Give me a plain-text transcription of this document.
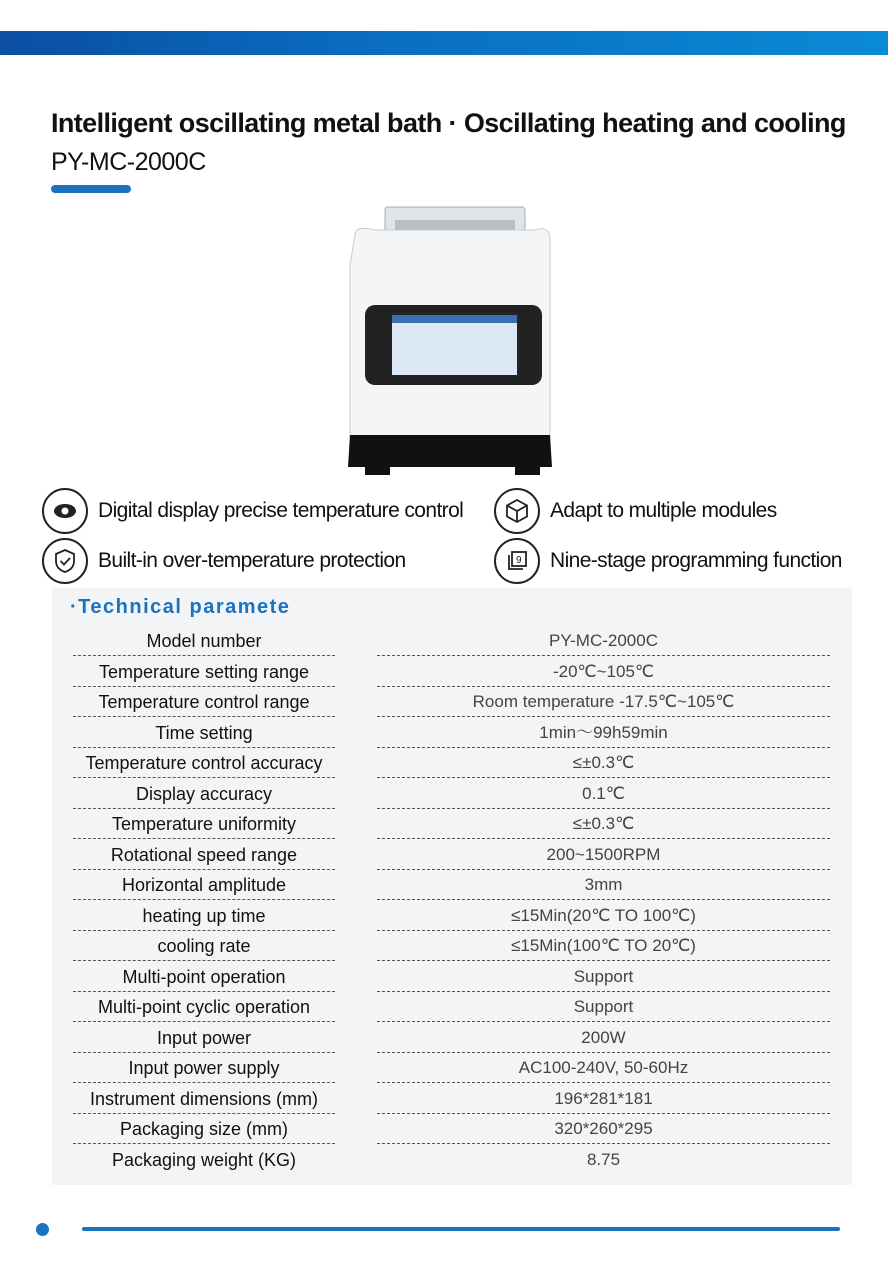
Intelligent oscillating metal bath · Oscillating heating and cooling
PY-MC-2000C
Digital display precise temperature control	Adapt to multiple modules
Built-in over-temperature protection	9 Nine-stage programming function
·Technical paramete
Model number	PY-MC-2000C
Temperature setting range	-20℃~105℃
Temperature control range	Room temperature -17.5℃~105℃
Time setting	1min～99h59min
Temperature control accuracy	≤±0.3℃
Display accuracy	0.1℃
Temperature uniformity	≤±0.3℃
Rotational speed range	200~1500RPM
Horizontal amplitude	3mm
heating up time	≤15Min(20℃ TO 100℃)
cooling rate	≤15Min(100℃ TO 20℃)
Multi-point operation	Support
Multi-point cyclic operation	Support
Input power	200W
Input power supply	AC100-240V, 50-60Hz
Instrument dimensions (mm)	196*281*181
Packaging size (mm)	320*260*295
Packaging weight (KG)	8.75
